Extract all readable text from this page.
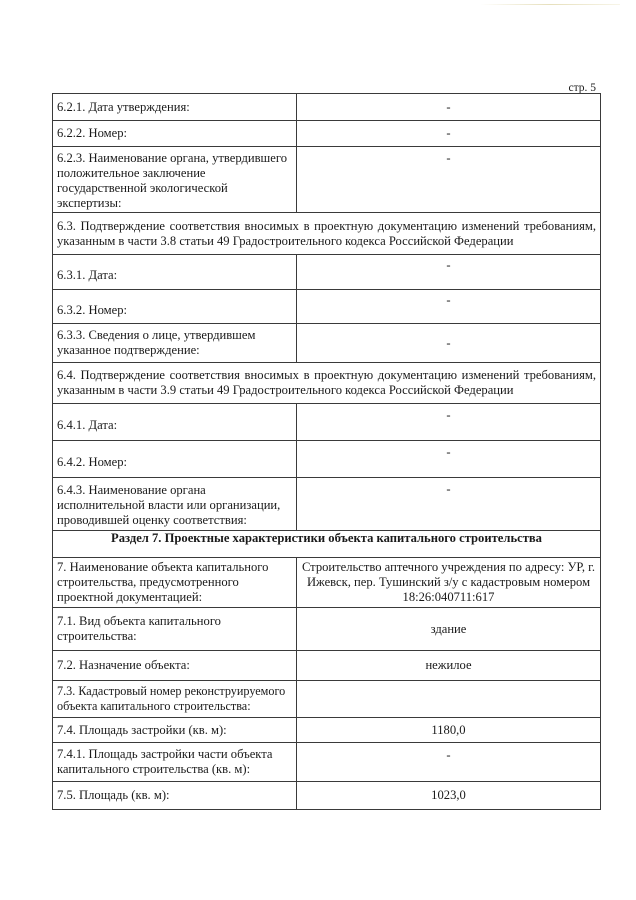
стр. 5
6.2.1. Дата утверждения:	-
6.2.2. Номер:	-
6.2.3. Наименование органа, утвердившего положительное заключение государственной экологической экспертизы:	-
6.3. Подтверждение соответствия вносимых в проектную документацию изменений требованиям, указанным в части 3.8 статьи 49 Градостроительного кодекса Российской Федерации	
6.3.1. Дата:	-
6.3.2. Номер:	-
6.3.3. Сведения о лице, утвердившем указанное подтверждение:	-
6.4. Подтверждение соответствия вносимых в проектную документацию изменений требованиям, указанным в части 3.9 статьи 49 Градостроительного кодекса Российской Федерации	
6.4.1. Дата:	-
6.4.2. Номер:	-
6.4.3. Наименование органа исполнительной власти или организации, проводившей оценку соответствия:	-
Раздел 7. Проектные характеристики объекта капитального строительства	
7. Наименование объекта капитального строительства, предусмотренного проектной документацией:	Строительство аптечного учреждения по адресу: УР, г. Ижевск, пер. Тушинский з/у с кадастровым номером 18:26:040711:617
7.1. Вид объекта капитального строительства:	здание
7.2. Назначение объекта:	нежилое
7.3. Кадастровый номер реконструируемого объекта капитального строительства:	
7.4. Площадь застройки (кв. м):	1180,0
7.4.1. Площадь застройки части объекта капитального строительства (кв. м):	-
7.5. Площадь (кв. м):	1023,0
